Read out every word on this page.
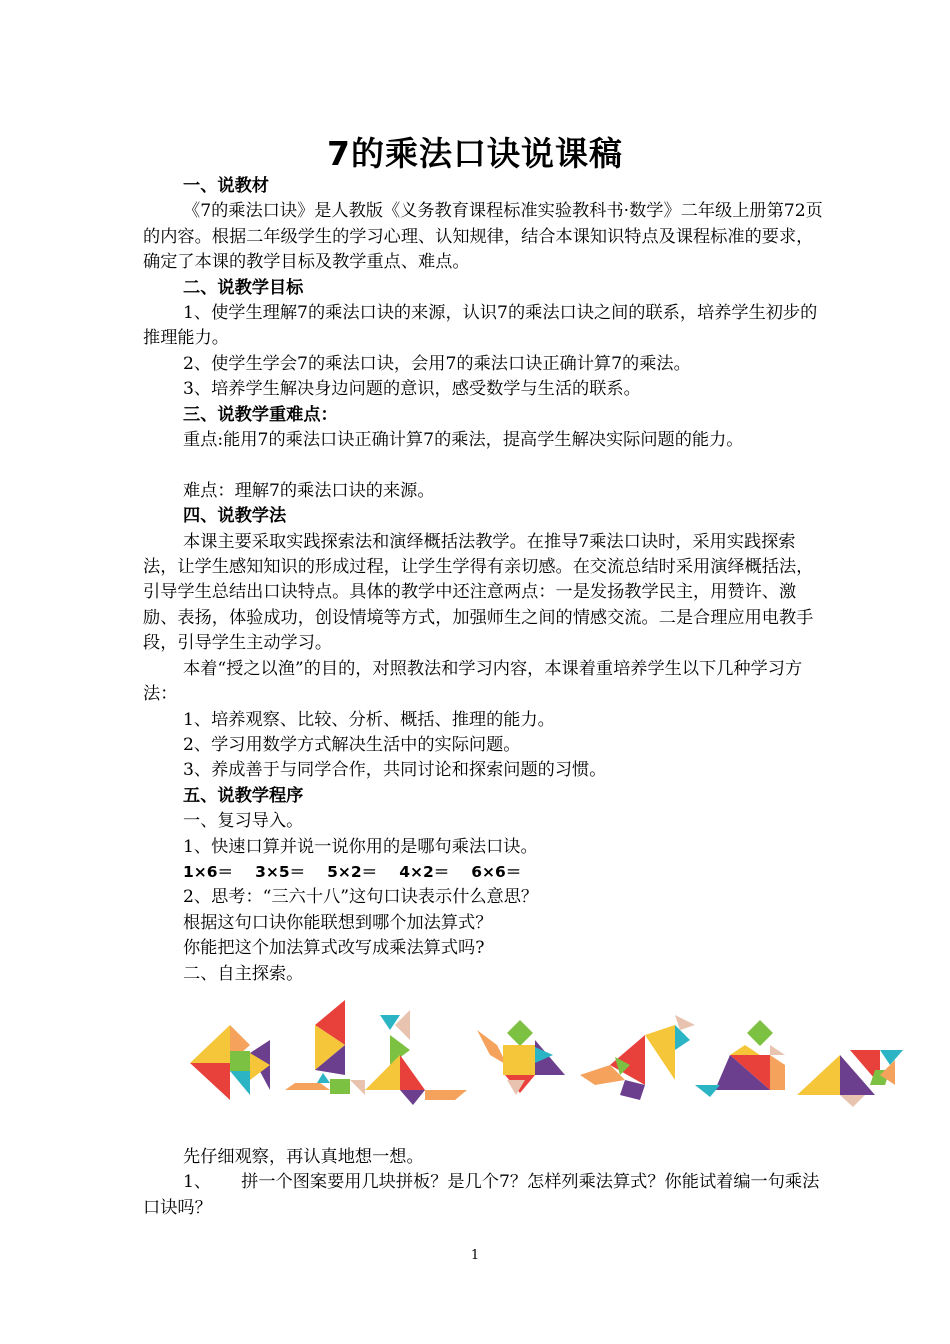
7的乘法口诀说课稿

一、说教材

《7的乘法口诀》是人教版《义务教育课程标准实验教科书·数学》二年级上册第72页的内容。根据二年级学生的学习心理、认知规律，结合本课知识特点及课程标准的要求，确定了本课的教学目标及教学重点、难点。

二、说教学目标

1、使学生理解7的乘法口诀的来源，认识7的乘法口诀之间的联系，培养学生初步的推理能力。

2、使学生学会7的乘法口诀，会用7的乘法口诀正确计算7的乘法。

3、培养学生解决身边问题的意识，感受数学与生活的联系。

三、说教学重难点：

重点:能用7的乘法口诀正确计算7的乘法，提高学生解决实际问题的能力。

难点：理解7的乘法口诀的来源。

四、说教学法

本课主要采取实践探索法和演绎概括法教学。在推导7乘法口诀时，采用实践探索法，让学生感知知识的形成过程，让学生学得有亲切感。在交流总结时采用演绎概括法，引导学生总结出口诀特点。具体的教学中还注意两点：一是发扬教学民主，用赞许、激励、表扬，体验成功，创设情境等方式，加强师生之间的情感交流。二是合理应用电教手段，引导学生主动学习。

本着“授之以渔”的目的，对照教法和学习内容，本课着重培养学生以下几种学习方法：

1、培养观察、比较、分析、概括、推理的能力。

2、学习用数学方式解决生活中的实际问题。

3、养成善于与同学合作，共同讨论和探索问题的习惯。

五、说教学程序

一、复习导入。

1、快速口算并说一说你用的是哪句乘法口诀。

1×6＝ 3×5＝ 5×2＝ 4×2＝ 6×6＝

2、思考：“三六十八”这句口诀表示什么意思？

根据这句口诀你能联想到哪个加法算式？

你能把这个加法算式改写成乘法算式吗?

二、自主探索。

先仔细观察，再认真地想一想。

1、 拼一个图案要用几块拼板？是几个7？怎样列乘法算式？你能试着编一句乘法口诀吗？

1
